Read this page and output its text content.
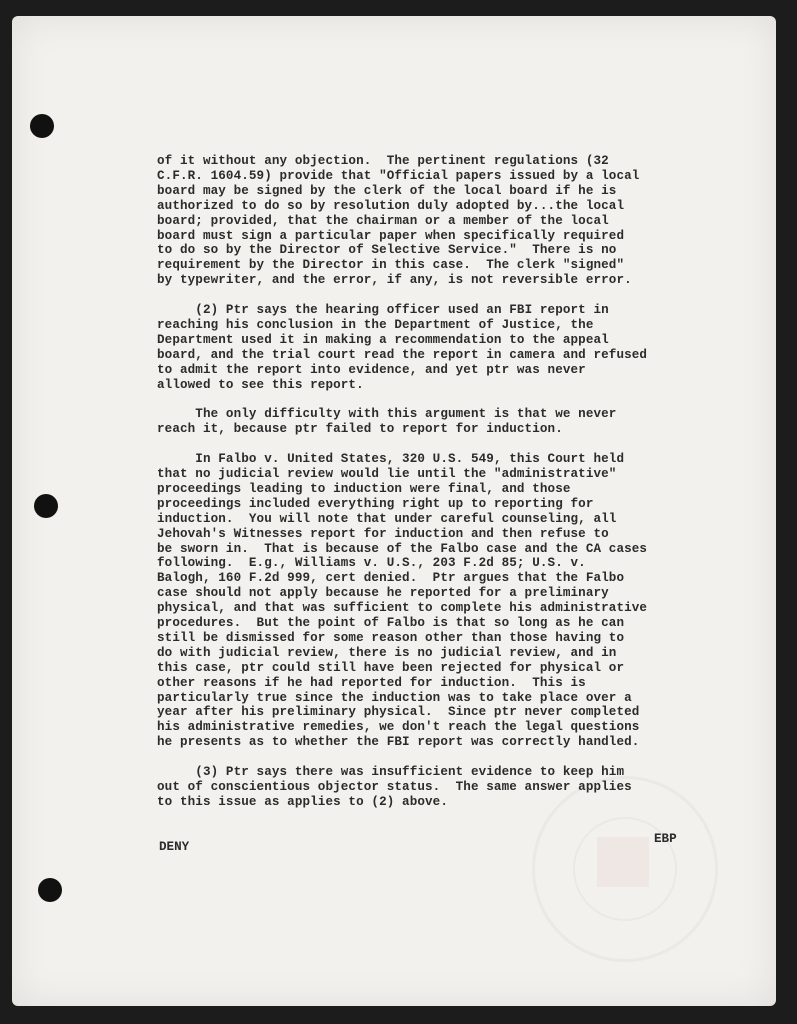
of it without any objection.  The pertinent regulations (32
C.F.R. 1604.59) provide that "Official papers issued by a local
board may be signed by the clerk of the local board if he is
authorized to do so by resolution duly adopted by...the local
board; provided, that the chairman or a member of the local
board must sign a particular paper when specifically required
to do so by the Director of Selective Service."  There is no
requirement by the Director in this case.  The clerk "signed"
by typewriter, and the error, if any, is not reversible error.

(2) Ptr says the hearing officer used an FBI report in
reaching his conclusion in the Department of Justice, the
Department used it in making a recommendation to the appeal
board, and the trial court read the report in camera and refused
to admit the report into evidence, and yet ptr was never
allowed to see this report.

The only difficulty with this argument is that we never
reach it, because ptr failed to report for induction.

In Falbo v. United States, 320 U.S. 549, this Court held
that no judicial review would lie until the "administrative"
proceedings leading to induction were final, and those
proceedings included everything right up to reporting for
induction.  You will note that under careful counseling, all
Jehovah's Witnesses report for induction and then refuse to
be sworn in.  That is because of the Falbo case and the CA cases
following.  E.g., Williams v. U.S., 203 F.2d 85; U.S. v.
Balogh, 160 F.2d 999, cert denied.  Ptr argues that the Falbo
case should not apply because he reported for a preliminary
physical, and that was sufficient to complete his administrative
procedures.  But the point of Falbo is that so long as he can
still be dismissed for some reason other than those having to
do with judicial review, there is no judicial review, and in
this case, ptr could still have been rejected for physical or
other reasons if he had reported for induction.  This is
particularly true since the induction was to take place over a
year after his preliminary physical.  Since ptr never completed
his administrative remedies, we don't reach the legal questions
he presents as to whether the FBI report was correctly handled.

(3) Ptr says there was insufficient evidence to keep him
out of conscientious objector status.  The same answer applies
to this issue as applies to (2) above.

DENY
EBP
